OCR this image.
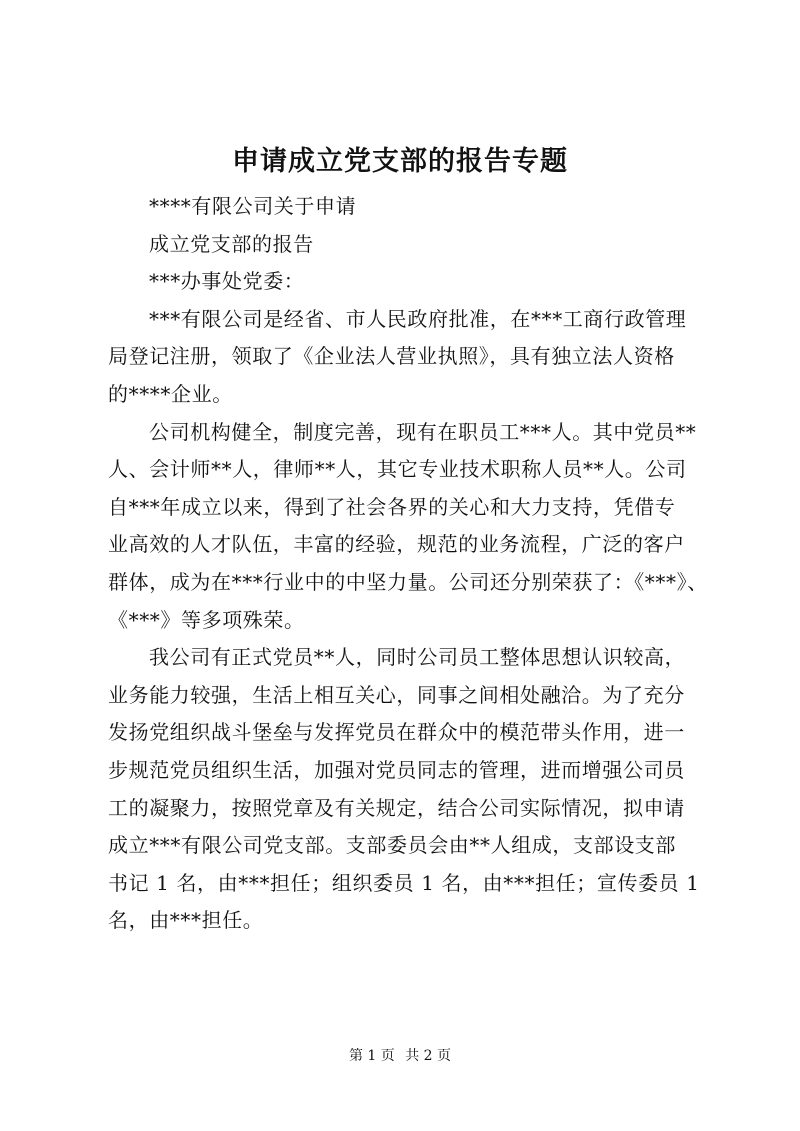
申请成立党支部的报告专题
****有限公司关于申请
成立党支部的报告
***办事处党委：
***有限公司是经省、市人民政府批准，在***工商行政管理
局登记注册，领取了《企业法人营业执照》，具有独立法人资格
的****企业。
公司机构健全，制度完善，现有在职员工***人。其中党员**
人、会计师**人，律师**人，其它专业技术职称人员**人。公司
自***年成立以来，得到了社会各界的关心和大力支持，凭借专
业高效的人才队伍，丰富的经验，规范的业务流程，广泛的客户
群体，成为在***行业中的中坚力量。公司还分别荣获了：《***》、
《***》等多项殊荣。
我公司有正式党员**人，同时公司员工整体思想认识较高，
业务能力较强，生活上相互关心，同事之间相处融洽。为了充分
发扬党组织战斗堡垒与发挥党员在群众中的模范带头作用，进一
步规范党员组织生活，加强对党员同志的管理，进而增强公司员
工的凝聚力，按照党章及有关规定，结合公司实际情况，拟申请
成立***有限公司党支部。支部委员会由**人组成，支部设支部
书记 1 名，由***担任；组织委员 1 名，由***担任；宣传委员 1
名，由***担任。
第 1 页 共 2 页
